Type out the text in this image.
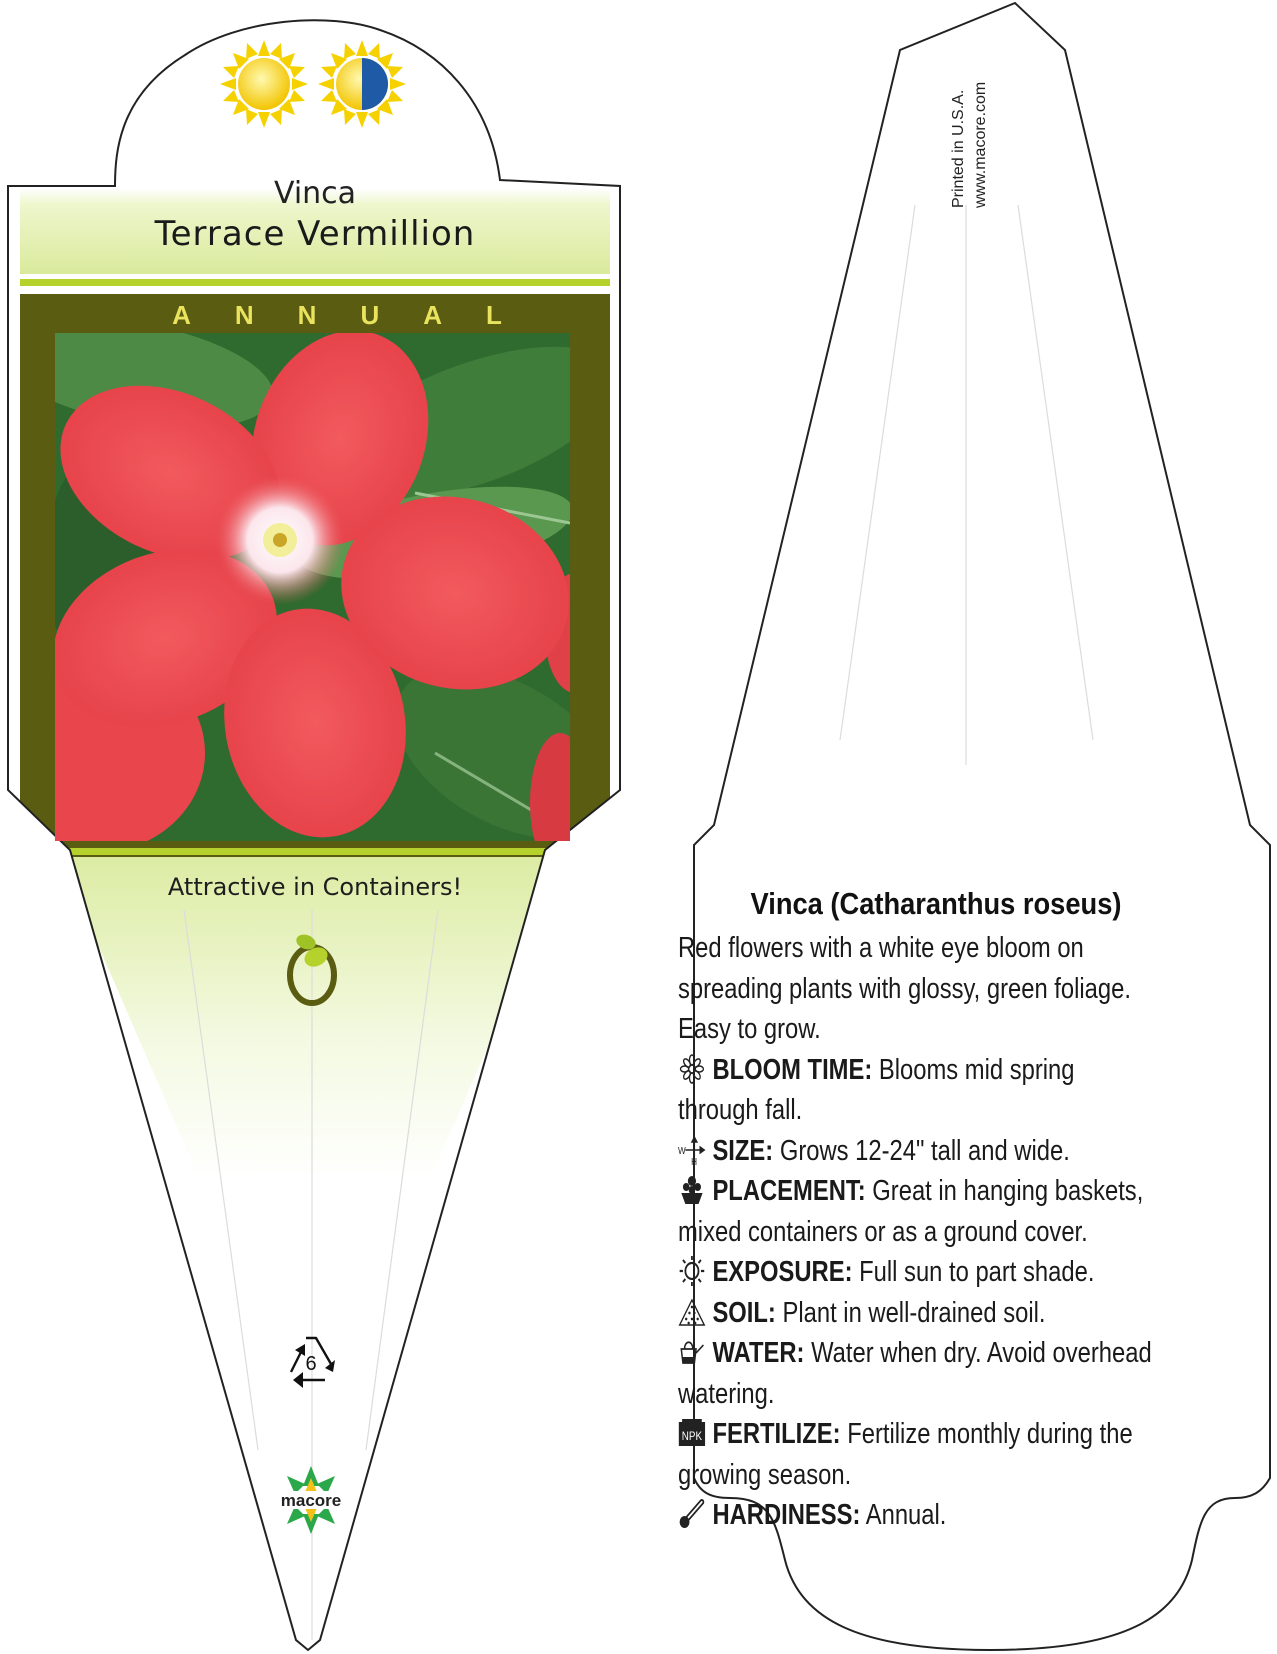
6
macore
Vinca
Terrace Vermillion
ANNUAL
Attractive in Containers!
Printed in U.S.A. www.macore.com
Vinca (Catharanthus roseus)

Red flowers with a white eye bloom on spreading plants with glossy, green foliage. Easy to grow.

BLOOM TIME: Blooms mid spring through fall.

W
H SIZE: Grows 12-24" tall and wide.

PLACEMENT: Great in hanging baskets, mixed containers or as a ground cover.

EXPOSURE: Full sun to part shade.

SOIL: Plant in well-drained soil.

WATER: Water when dry. Avoid overhead watering.

NPK FERTILIZE: Fertilize monthly during the growing season.

HARDINESS: Annual.
